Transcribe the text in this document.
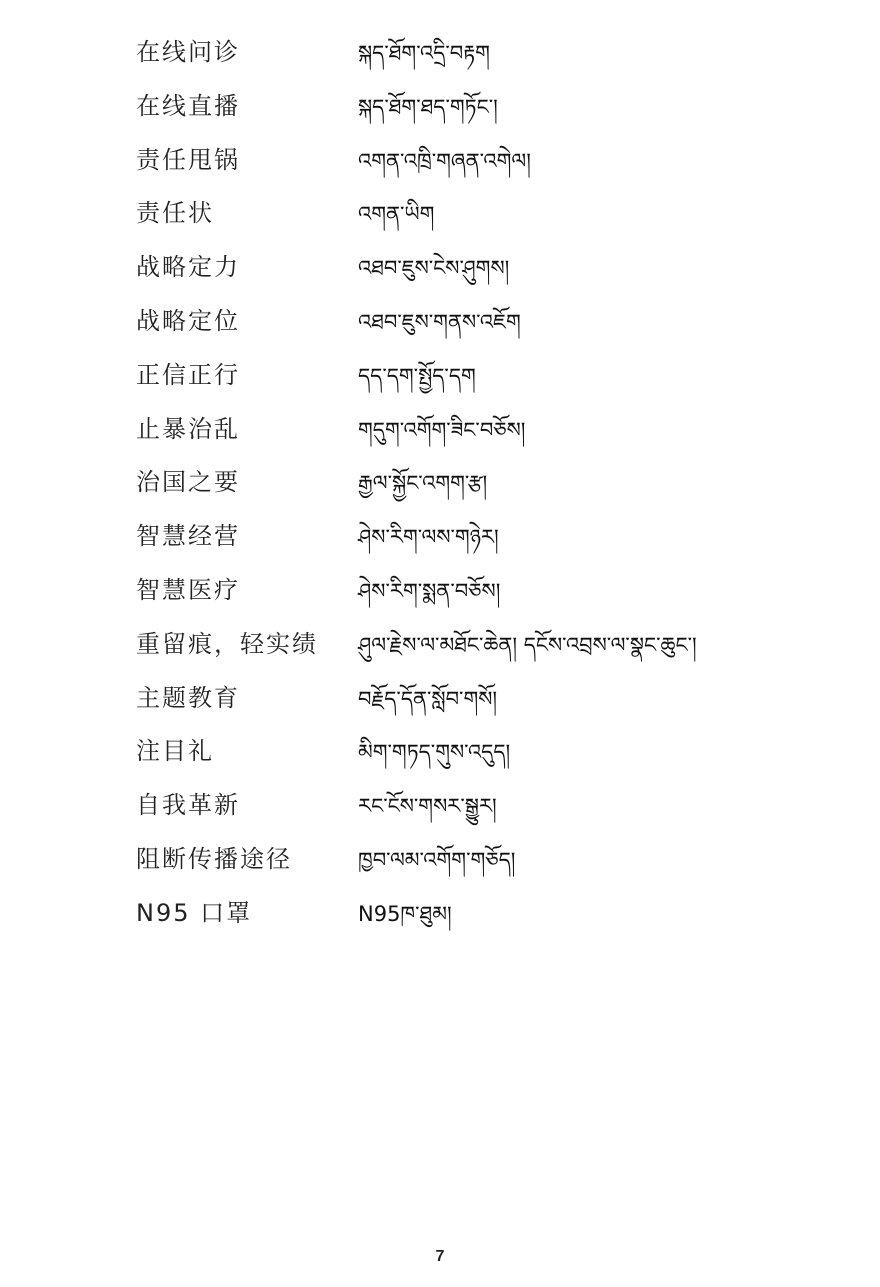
在线问诊	སྐད་ཐོག་འདྲི་བརྟག
在线直播	སྐད་ཐོག་ཐད་གཏོང་།
责任甩锅	འགན་འཁྲི་གཞན་འགེལ།
责任状	འགན་ཡིག
战略定力	འཐབ་ཇུས་ངེས་ཤུགས།
战略定位	འཐབ་ཇུས་གནས་འཇོག
正信正行	དད་དག་སྤྱོད་དག
止暴治乱	གདུག་འགོག་ཟིང་བཅོས།
治国之要	རྒྱལ་སྐྱོང་འགག་རྩ།
智慧经营	ཤེས་རིག་ལས་གཉེར།
智慧医疗	ཤེས་རིག་སྨན་བཅོས།
重留痕，轻实绩 ཤུལ་རྗེས་ལ་མཐོང་ཆེན། དངོས་འབྲས་ལ་སྣང་ཆུང་།
主题教育	བརྗོད་དོན་སློབ་གསོ།
注目礼	མིག་གཏད་གུས་འདུད།
自我革新	རང་ངོས་གསར་སྒྱུར།
阻断传播途径	ཁྱབ་ལམ་འགོག་གཅོད།
N95 口罩	N95ཁ་ཐུམ།
7
